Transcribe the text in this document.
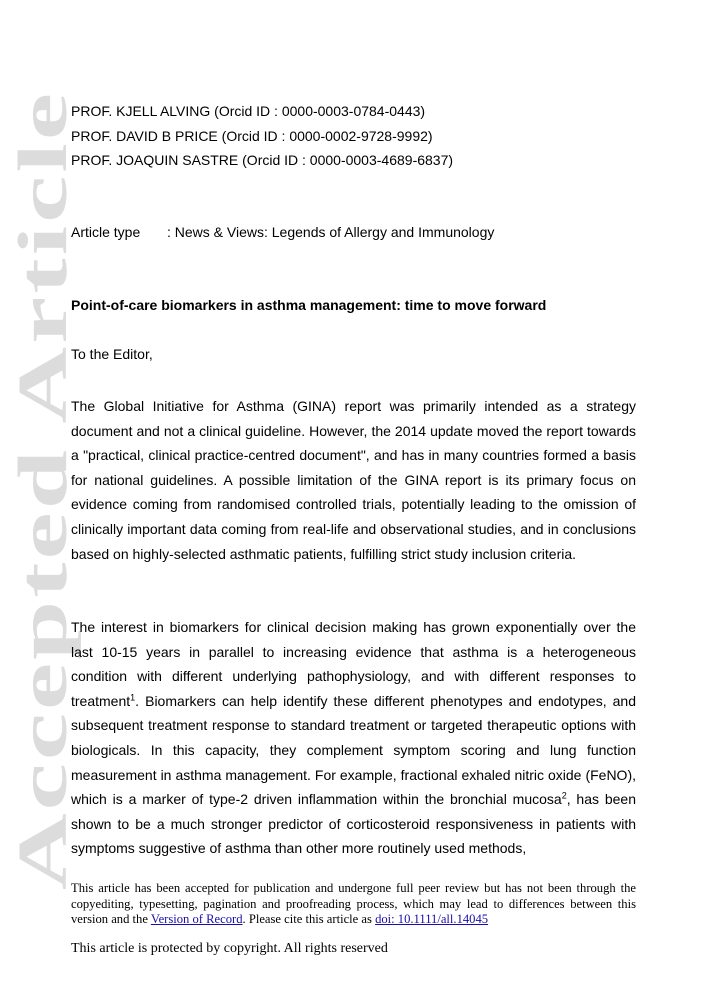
Accepted Article
PROF. KJELL ALVING (Orcid ID : 0000-0003-0784-0443)
PROF. DAVID B PRICE (Orcid ID : 0000-0002-9728-9992)
PROF. JOAQUIN SASTRE (Orcid ID : 0000-0003-4689-6837)
Article type : News & Views: Legends of Allergy and Immunology
Point-of-care biomarkers in asthma management: time to move forward
To the Editor,

The Global Initiative for Asthma (GINA) report was primarily intended as a strategy document and not a clinical guideline. However, the 2014 update moved the report towards a "practical, clinical practice-centred document", and has in many countries formed a basis for national guidelines. A possible limitation of the GINA report is its primary focus on evidence coming from randomised controlled trials, potentially leading to the omission of clinically important data coming from real-life and observational studies, and in conclusions based on highly-selected asthmatic patients, fulfilling strict study inclusion criteria.

The interest in biomarkers for clinical decision making has grown exponentially over the last 10-15 years in parallel to increasing evidence that asthma is a heterogeneous condition with different underlying pathophysiology, and with different responses to treatment$^1$. Biomarkers can help identify these different phenotypes and endotypes, and subsequent treatment response to standard treatment or targeted therapeutic options with biologicals. In this capacity, they complement symptom scoring and lung function measurement in asthma management. For example, fractional exhaled nitric oxide (FeNO), which is a marker of type-2 driven inflammation within the bronchial mucosa$^2$, has been shown to be a much stronger predictor of corticosteroid responsiveness in patients with symptoms suggestive of asthma than other more routinely used methods,

This article has been accepted for publication and undergone full peer review but has not been through the copyediting, typesetting, pagination and proofreading process, which may lead to differences between this version and the Version of Record. Please cite this article as doi: 10.1111/all.14045
This article is protected by copyright. All rights reserved
